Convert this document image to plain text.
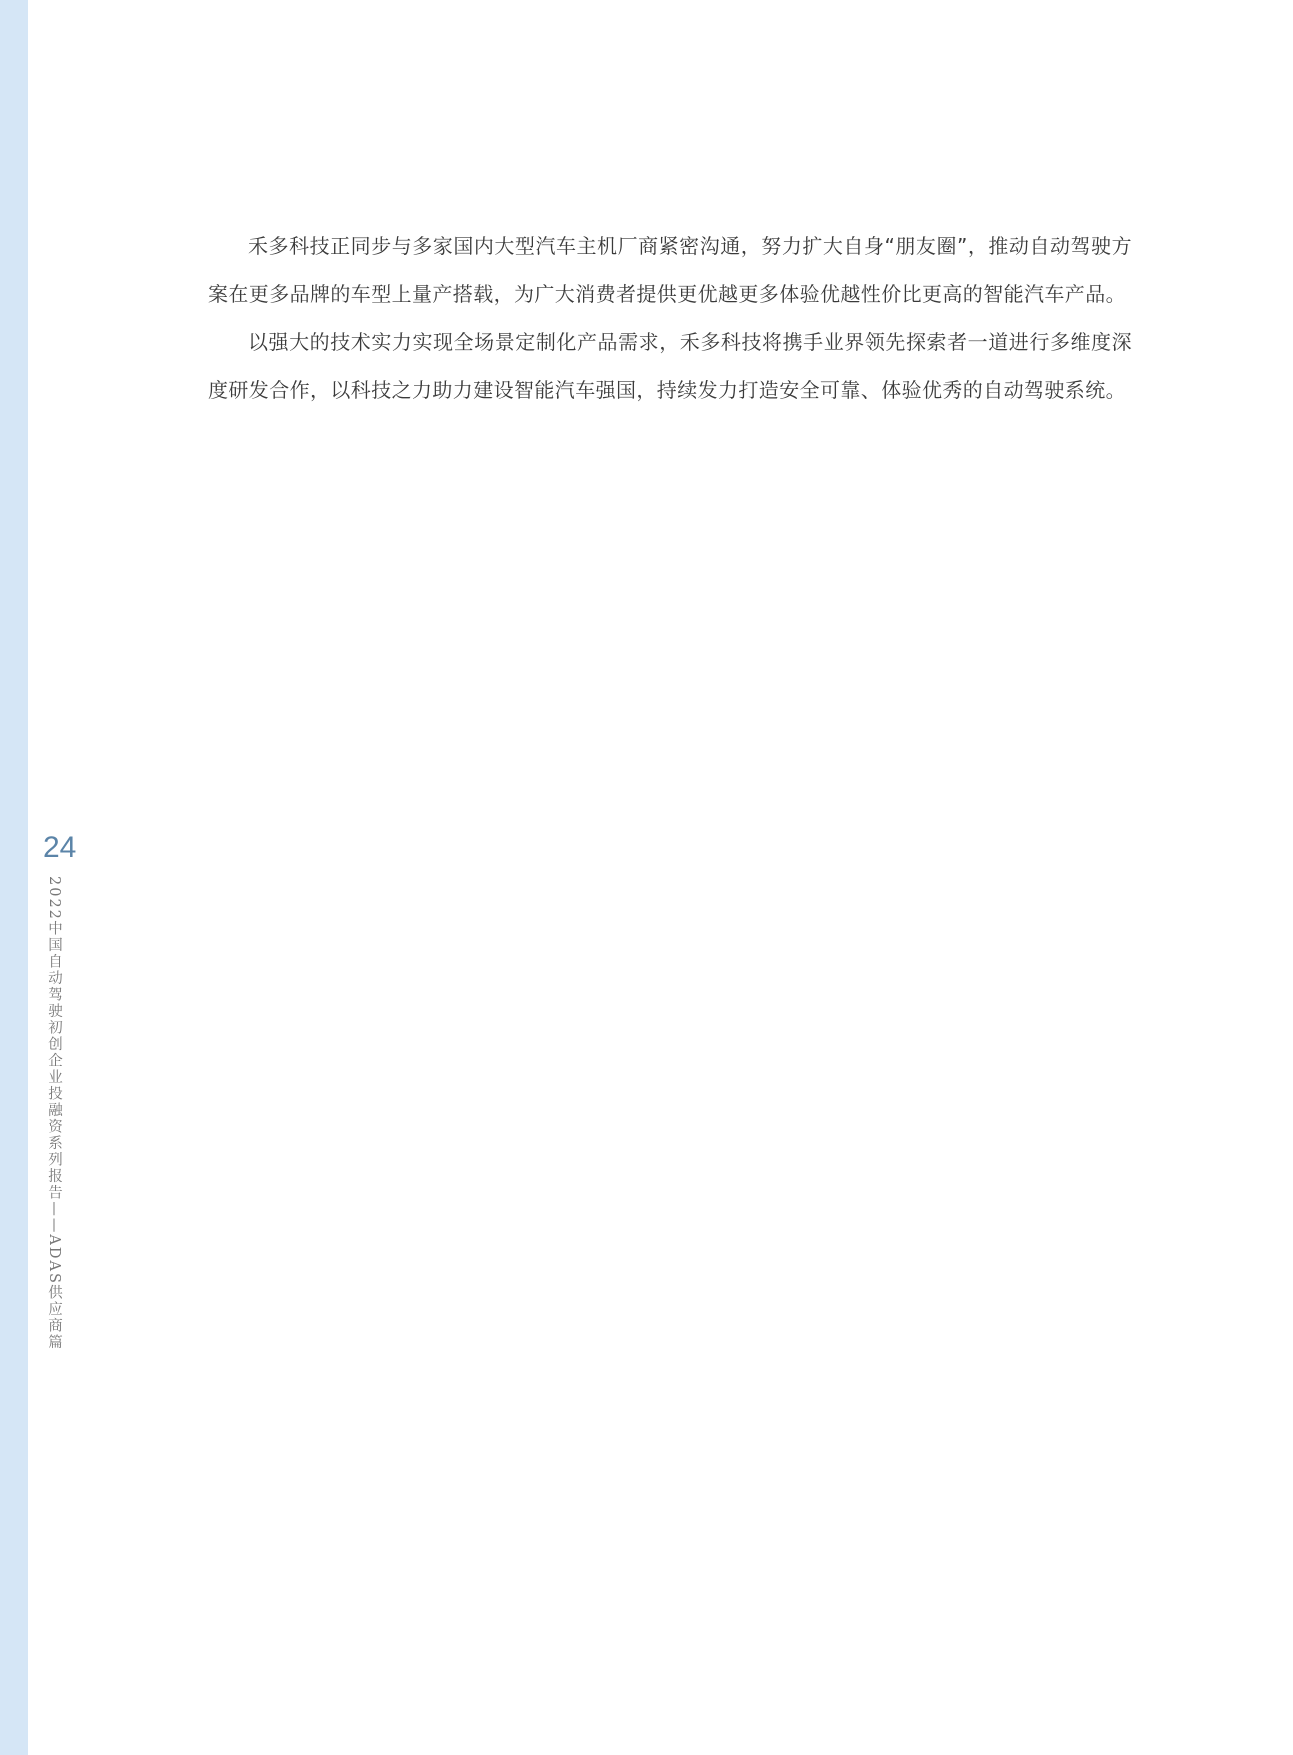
禾多科技正同步与多家国内大型汽车主机厂商紧密沟通，努力扩大自身“朋友圈”，推动自动驾驶方案在更多品牌的车型上量产搭载，为广大消费者提供更优越更多体验优越性价比更高的智能汽车产品。

以强大的技术实力实现全场景定制化产品需求，禾多科技将携手业界领先探索者一道进行多维度深度研发合作，以科技之力助力建设智能汽车强国，持续发力打造安全可靠、体验优秀的自动驾驶系统。

24
2022中国自动驾驶初创企业投融资系列报告——ADAS供应商篇
